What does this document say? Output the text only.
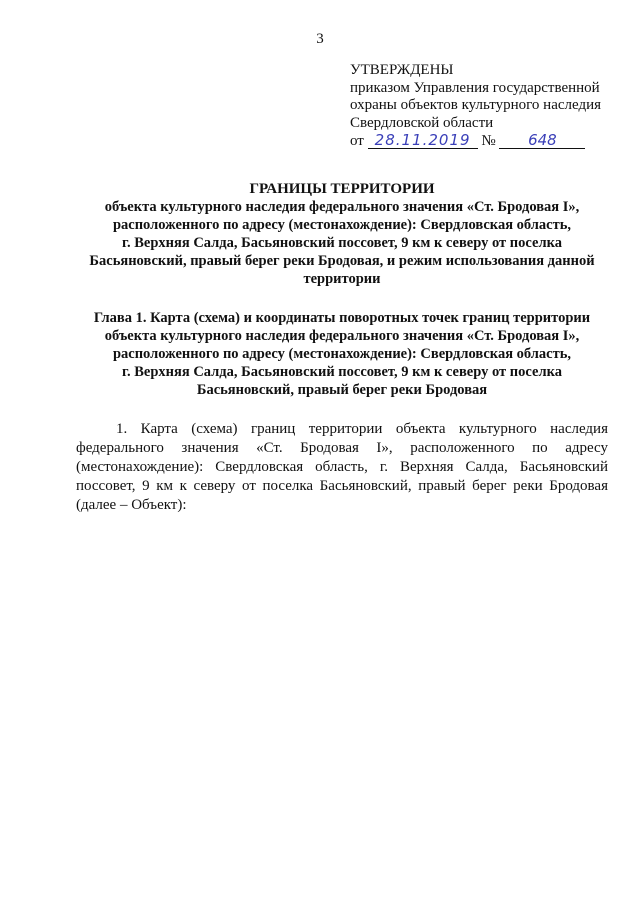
3
УТВЕРЖДЕНЫ
приказом Управления государственной
охраны объектов культурного наследия
Свердловской области
от 28.11.2019 № 648
ГРАНИЦЫ ТЕРРИТОРИИ
объекта культурного наследия федерального значения «Ст. Бродовая I»,
расположенного по адресу (местонахождение): Свердловская область,
г. Верхняя Салда, Басьяновский поссовет, 9 км к северу от поселка
Басьяновский, правый берег реки Бродовая, и режим использования данной
территории
Глава 1. Карта (схема) и координаты поворотных точек границ территории
объекта культурного наследия федерального значения «Ст. Бродовая I»,
расположенного по адресу (местонахождение): Свердловская область,
г. Верхняя Салда, Басьяновский поссовет, 9 км к северу от поселка
Басьяновский, правый берег реки Бродовая

1. Карта (схема) границ территории объекта культурного наследия федерального значения «Ст. Бродовая I», расположенного по адресу (местонахождение): Свердловская область, г. Верхняя Салда, Басьяновский поссовет, 9 км к северу от поселка Басьяновский, правый берег реки Бродовая (далее – Объект):
